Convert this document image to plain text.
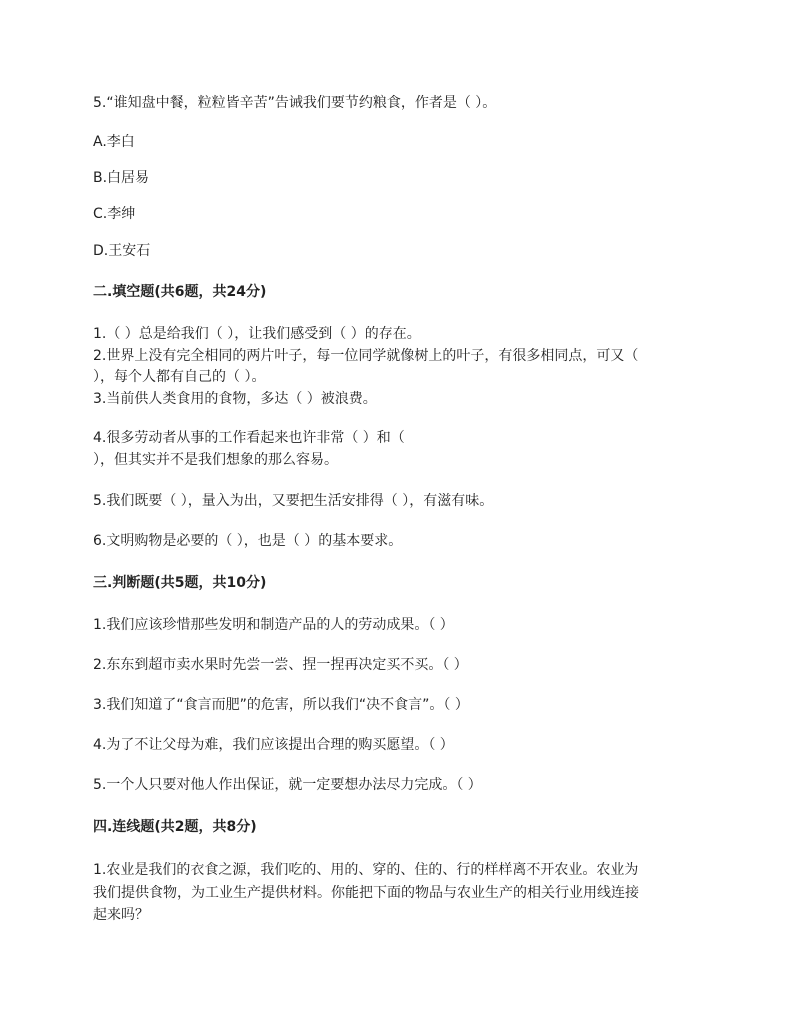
5.“谁知盘中餐，粒粒皆辛苦”告诫我们要节约粮食，作者是（ ）。

A.李白

B.白居易

C.李绅

D.王安石

二.填空题(共6题，共24分)

1.（ ）总是给我们（ ），让我们感受到（ ）的存在。

2.世界上没有完全相同的两片叶子，每一位同学就像树上的叶子，有很多相同点，可又（

），每个人都有自己的（ ）。

3.当前供人类食用的食物，多达（ ）被浪费。

4.很多劳动者从事的工作看起来也许非常（ ）和（

），但其实并不是我们想象的那么容易。

5.我们既要（ ），量入为出，又要把生活安排得（ ），有滋有味。

6.文明购物是必要的（ ），也是（ ）的基本要求。

三.判断题(共5题，共10分)

1.我们应该珍惜那些发明和制造产品的人的劳动成果。（ ）

2.东东到超市卖水果时先尝一尝、捏一捏再决定买不买。（ ）

3.我们知道了“食言而肥”的危害，所以我们“决不食言”。（ ）

4.为了不让父母为难，我们应该提出合理的购买愿望。（ ）

5.一个人只要对他人作出保证，就一定要想办法尽力完成。（ ）

四.连线题(共2题，共8分)

1.农业是我们的衣食之源，我们吃的、用的、穿的、住的、行的样样离不开农业。农业为

我们提供食物，为工业生产提供材料。你能把下面的物品与农业生产的相关行业用线连接

起来吗？
